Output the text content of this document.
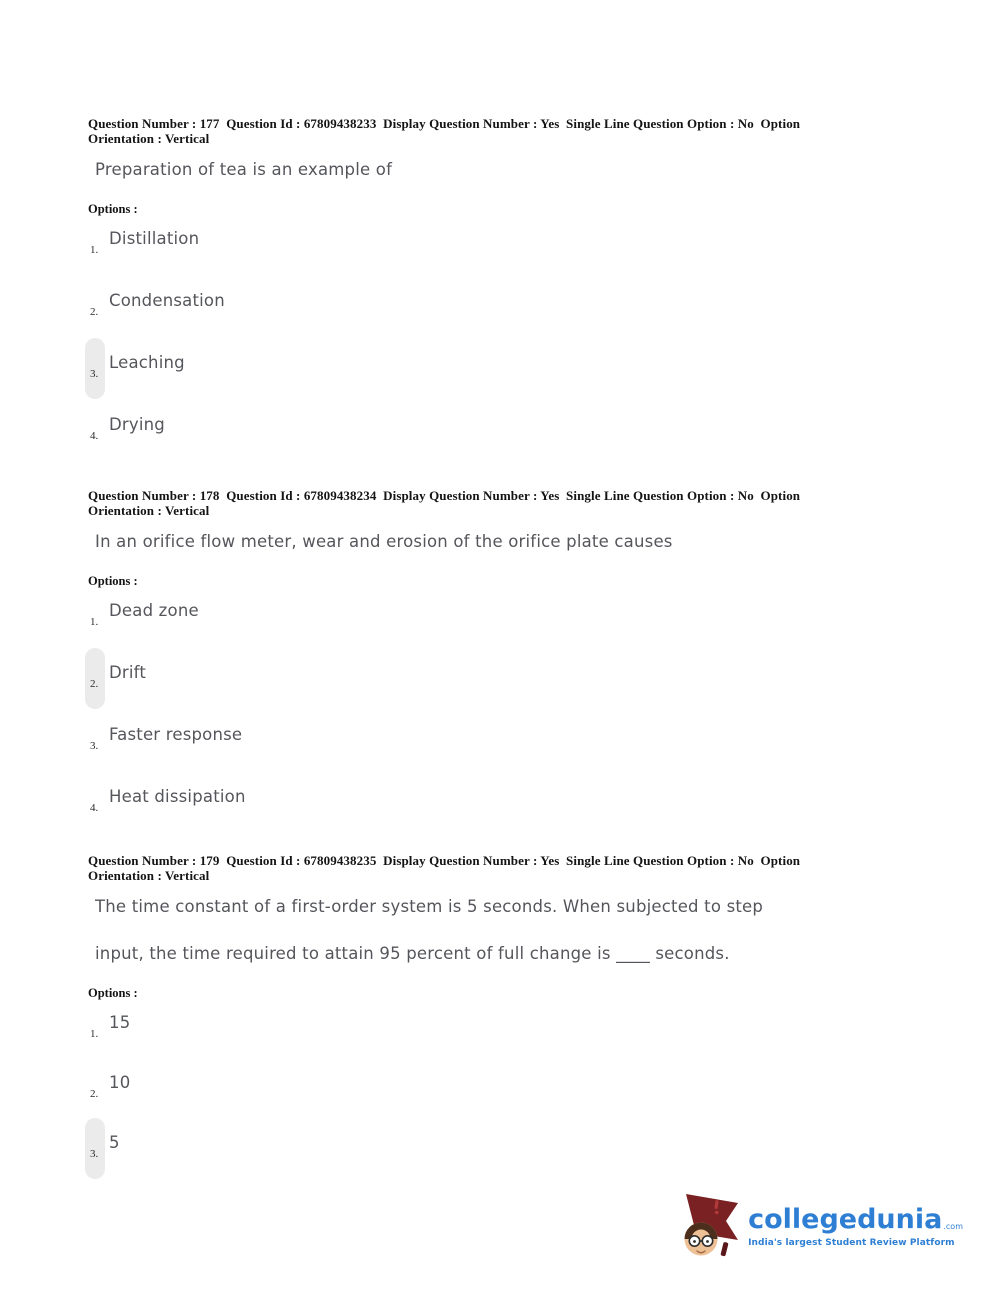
Question Number : 177  Question Id : 67809438233  Display Question Number : Yes  Single Line Question Option : No  Option
Orientation : Vertical

Preparation of tea is an example of

Options :

1.
Distillation
2.
Condensation
3.
Leaching
4.
Drying

Question Number : 178  Question Id : 67809438234  Display Question Number : Yes  Single Line Question Option : No  Option
Orientation : Vertical

In an orifice flow meter, wear and erosion of the orifice plate causes

Options :

1.
Dead zone
2.
Drift
3.
Faster response
4.
Heat dissipation

Question Number : 179  Question Id : 67809438235  Display Question Number : Yes  Single Line Question Option : No  Option
Orientation : Vertical

The time constant of a first-order system is 5 seconds. When subjected to step

input, the time required to attain 95 percent of full change is ____ seconds.

Options :

1.
15
2.
10
3.
5
collegedunia .com
India's largest Student Review Platform
